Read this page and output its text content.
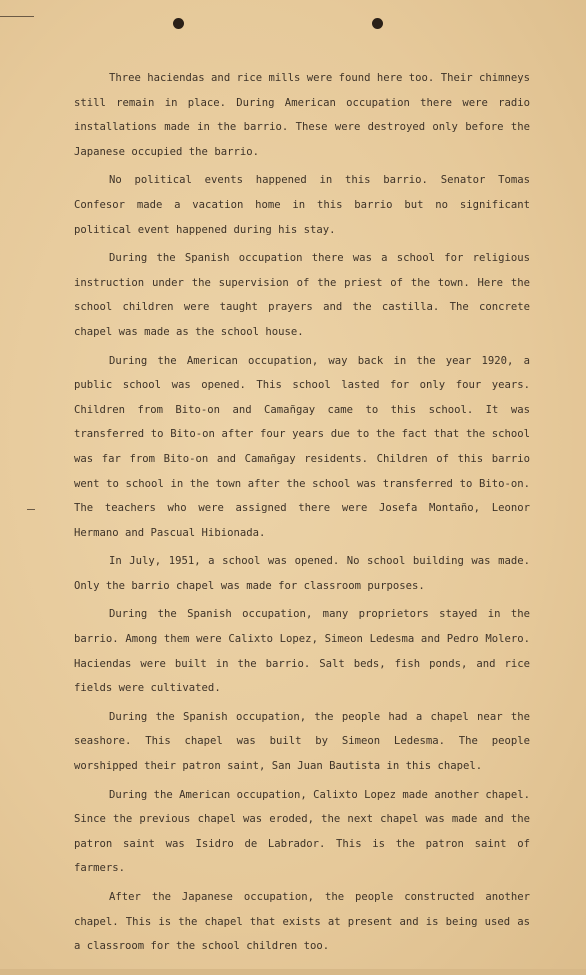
Three haciendas and rice mills were found here too. Their chimneys still remain in place. During American occupation there were radio installations made in the barrio. These were destroyed only before the Japanese occupied the barrio.

No political events happened in this barrio. Senator Tomas Confesor made a vacation home in this barrio but no significant political event happened during his stay.

During the Spanish occupation there was a school for religious instruction under the supervision of the priest of the town. Here the school children were taught prayers and the castilla. The concrete chapel was made as the school house.

During the American occupation, way back in the year 1920, a public school was opened. This school lasted for only four years. Children from Bito-on and Camañgay came to this school. It was transferred to Bito-on after four years due to the fact that the school was far from Bito-on and Camañgay residents. Children of this barrio went to school in the town after the school was transferred to Bito-on. The teachers who were assigned there were Josefa Montaño, Leonor Hermano and Pascual Hibionada.

In July, 1951, a school was opened. No school building was made. Only the barrio chapel was made for classroom purposes.

During the Spanish occupation, many proprietors stayed in the barrio. Among them were Calixto Lopez, Simeon Ledesma and Pedro Molero. Haciendas were built in the barrio. Salt beds, fish ponds, and rice fields were cultivated.

During the Spanish occupation, the people had a chapel near the seashore. This chapel was built by Simeon Ledesma. The people worshipped their patron saint, San Juan Bautista in this chapel.

During the American occupation, Calixto Lopez made another chapel. Since the previous chapel was eroded, the next chapel was made and the patron saint was Isidro de Labrador. This is the patron saint of farmers.

After the Japanese occupation, the people constructed another chapel. This is the chapel that exists at present and is being used as a classroom for the school children too.
